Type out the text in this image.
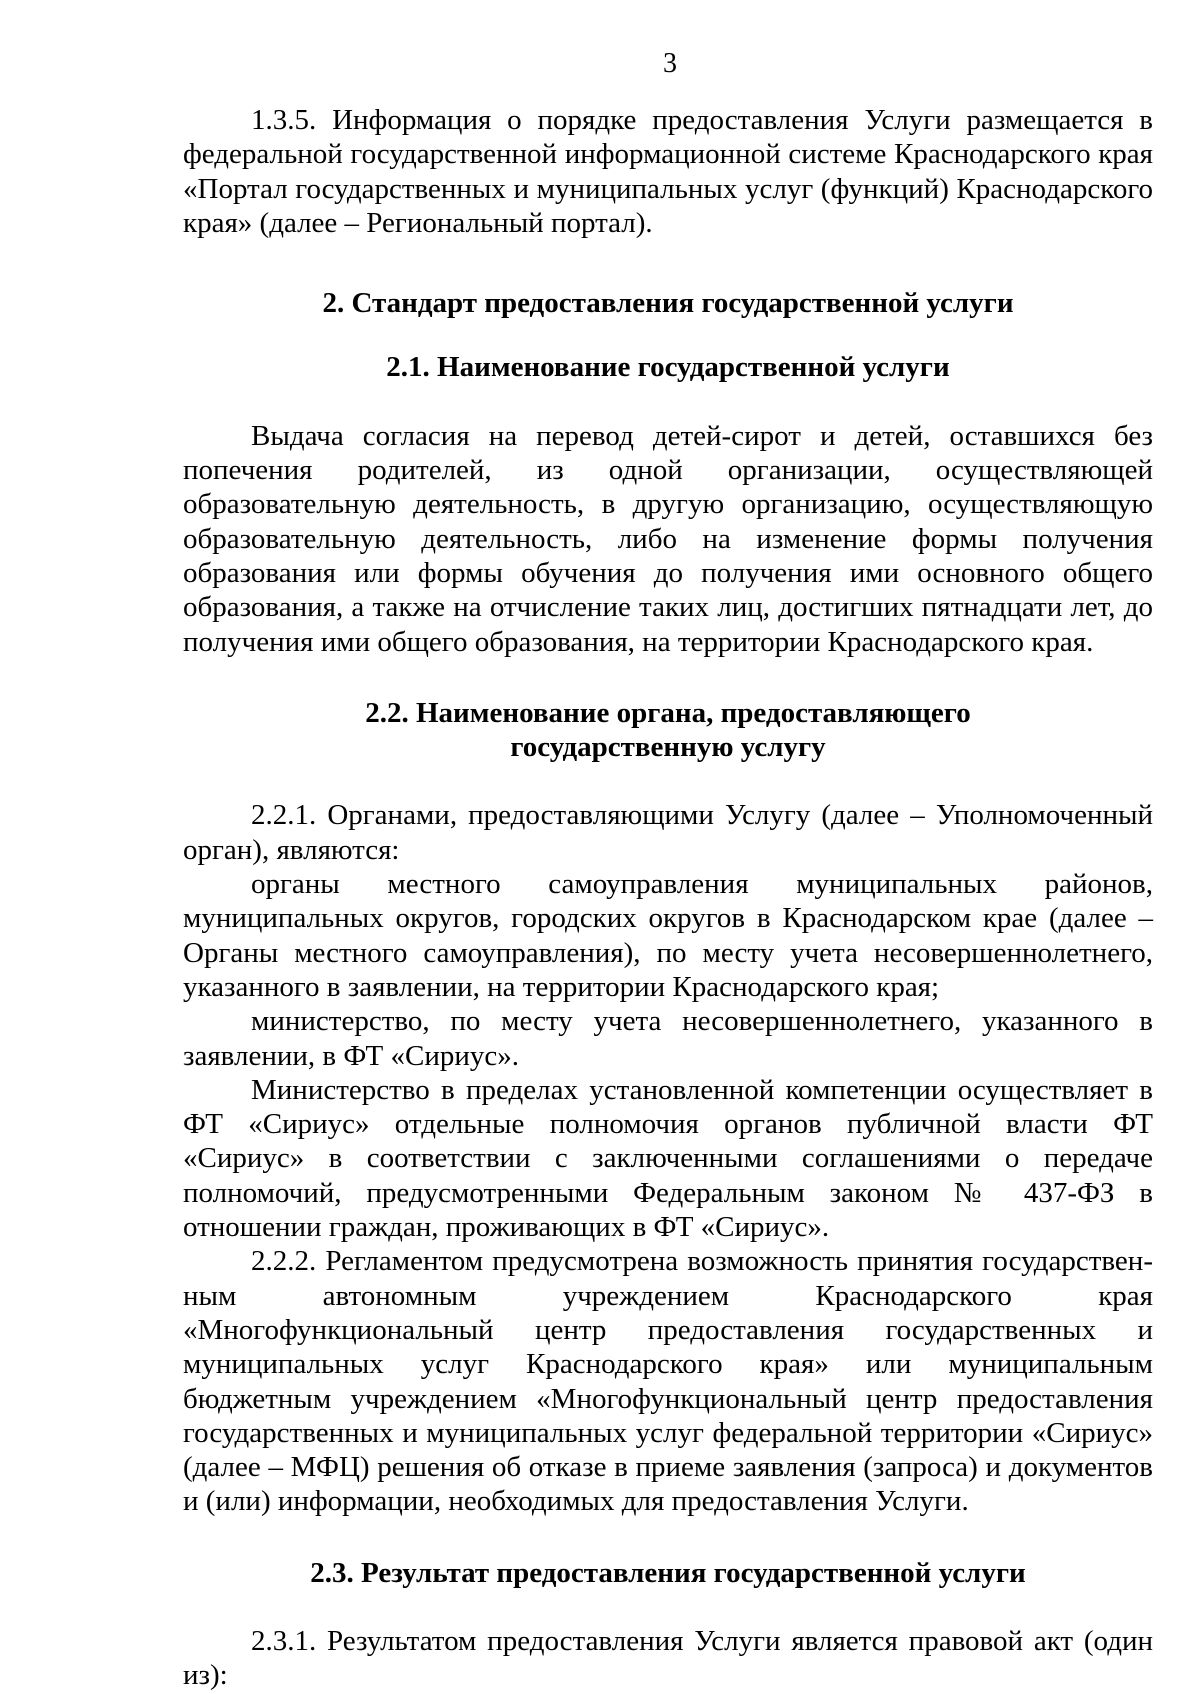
3

1.3.5. Информация о порядке предоставления Услуги размещается в федеральной государственной информационной системе Краснодарского края «Портал государственных и муниципальных услуг (функций) Краснодарского края» (далее – Региональный портал).

2. Стандарт предоставления государственной услуги

2.1. Наименование государственной услуги

Выдача согласия на перевод детей-сирот и детей, оставшихся без попечения родителей, из одной организации, осуществляющей образовательную деятельность, в другую организацию, осуществляющую образовательную деятельность, либо на изменение формы получения образования или формы обучения до получения ими основного общего образования, а также на отчисление таких лиц, достигших пятнадцати лет, до получения ими общего образования, на территории Краснодарского края.

2.2. Наименование органа, предоставляющего
государственную услугу

2.2.1. Органами, предоставляющими Услугу (далее – Уполномоченный орган), являются:

органы местного самоуправления муниципальных районов, муниципальных округов, городских округов в Краснодарском крае (далее – Органы местного самоуправления), по месту учета несовершеннолетнего, указанного в заявлении, на территории Краснодарского края;

министерство, по месту учета несовершеннолетнего, указанного в заявлении, в ФТ «Сириус».

Министерство в пределах установленной компетенции осуществляет в ФТ «Сириус» отдельные полномочия органов публичной власти ФТ «Сириус» в соответствии с заключенными соглашениями о передаче полномочий, предусмотренными Федеральным законом № 437-ФЗ в отношении граждан, проживающих в ФТ «Сириус».

2.2.2. Регламентом предусмотрена возможность принятия государственным автономным учреждением Краснодарского края «Многофункциональный центр предоставления государственных и муниципальных услуг Краснодарского края» или муниципальным бюджетным учреждением «Многофункциональный центр предоставления государственных и муниципальных услуг федеральной территории «Сириус» (далее – МФЦ) решения об отказе в приеме заявления (запроса) и документов и (или) информации, необходимых для предоставления Услуги.

2.3. Результат предоставления государственной услуги

2.3.1. Результатом предоставления Услуги является правовой акт (один из):
